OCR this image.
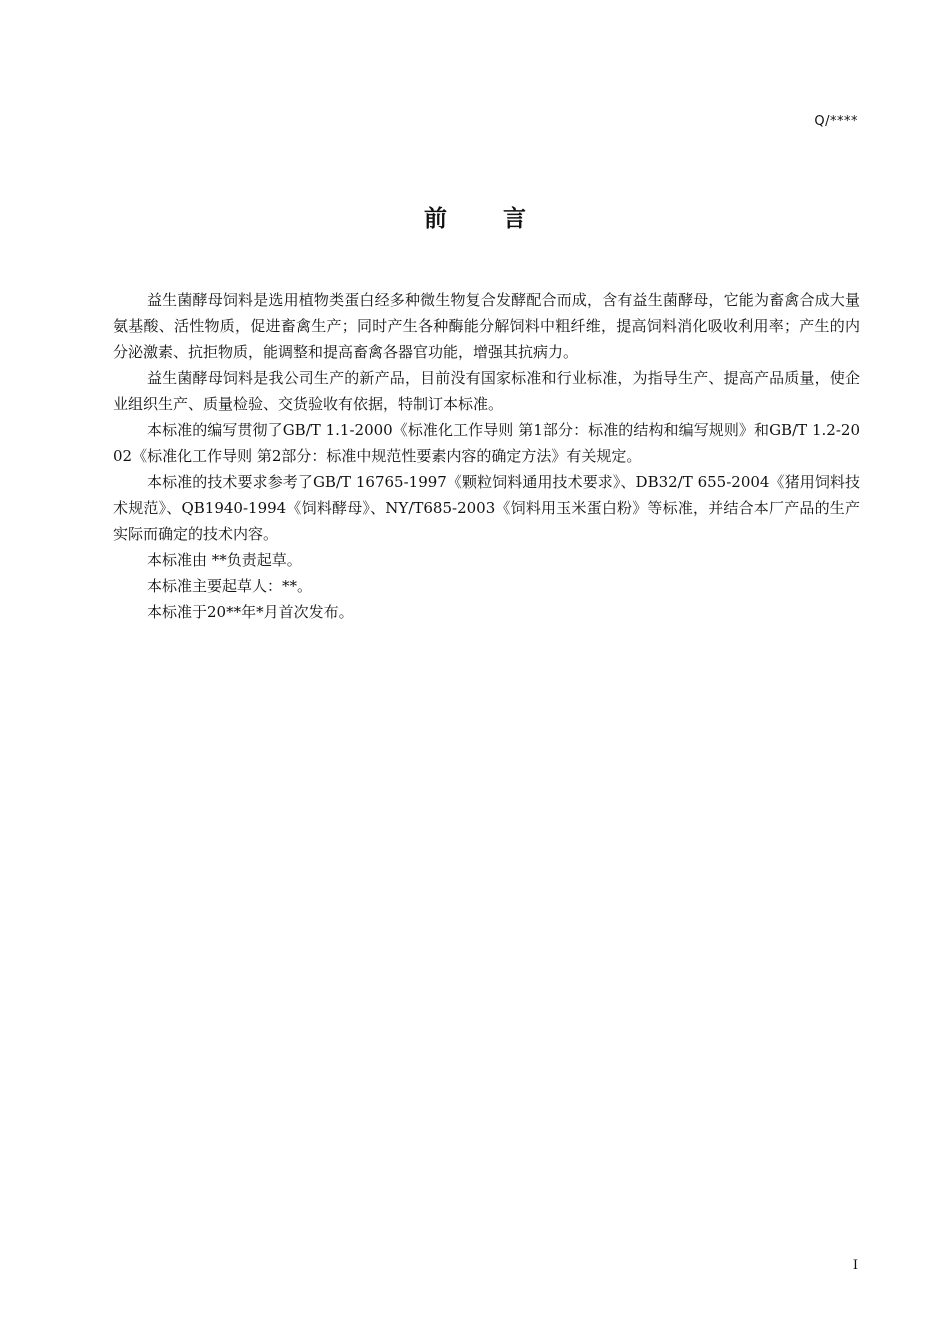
Q/****
前言

益生菌酵母饲料是选用植物类蛋白经多种微生物复合发酵配合而成，含有益生菌酵母，它能为畜禽合成大量氨基酸、活性物质，促进畜禽生产；同时产生各种酶能分解饲料中粗纤维，提高饲料消化吸收利用率；产生的内分泌激素、抗拒物质，能调整和提高畜禽各器官功能，增强其抗病力。

益生菌酵母饲料是我公司生产的新产品，目前没有国家标准和行业标准，为指导生产、提高产品质量，使企业组织生产、质量检验、交货验收有依据，特制订本标准。

本标准的编写贯彻了GB/T 1.1-2000《标准化工作导则 第1部分：标准的结构和编写规则》和GB/T 1.2-2002《标准化工作导则 第2部分：标准中规范性要素内容的确定方法》有关规定。

本标准的技术要求参考了GB/T 16765-1997《颗粒饲料通用技术要求》、DB32/T 655-2004《猪用饲料技术规范》、QB1940-1994《饲料酵母》、NY/T685-2003《饲料用玉米蛋白粉》等标准，并结合本厂产品的生产实际而确定的技术内容。

本标准由 **负责起草。

本标准主要起草人：**。

本标准于20**年*月首次发布。

I
